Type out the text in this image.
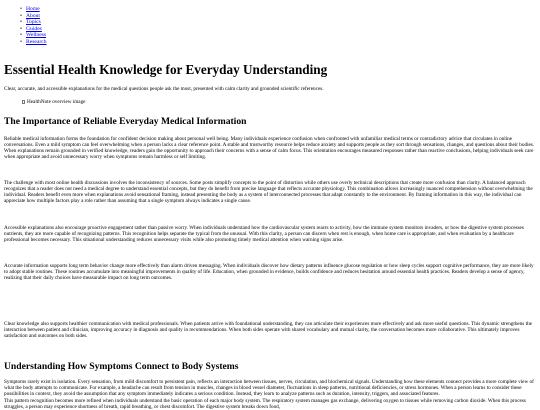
• Home
• About
• Topics
• Guides
• Wellness
• Research
Essential Health Knowledge for Everyday Understanding

Clear, accurate, and accessible explanations for the medical questions people ask the most, presented with calm clarity and grounded scientific references.

HealthNote overview image
The Importance of Reliable Everyday Medical Information

Reliable medical information forms the foundation for confident decision making about personal well being. Many individuals experience confusion when confronted with unfamiliar medical terms or contradictory advice that circulates in online conversations. Even a mild symptom can feel overwhelming when a person lacks a clear reference point. A stable and trustworthy resource helps reduce anxiety and supports people as they sort through sensations, changes, and questions about their bodies. When explanations remain grounded in verified knowledge, readers gain the opportunity to approach their concerns with a sense of calm focus. This orientation encourages measured responses rather than reactive conclusions, helping individuals seek care when appropriate and avoid unnecessary worry when symptoms remain harmless or self limiting.

The challenge with most online health discussions involves the inconsistency of sources. Some posts simplify concepts to the point of distortion while others use overly technical descriptions that create more confusion than clarity. A balanced approach recognizes that a reader does not need a medical degree to understand essential concepts, but they do benefit from precise language that reflects accurate physiology. This combination allows increasingly nuanced comprehension without overwhelming the individual. Readers benefit even more when explanations avoid sensational framing, instead presenting the body as a system of interconnected processes that adapt constantly to the environment. By framing information in this way, the individual can appreciate how multiple factors play a role rather than assuming that a single symptom always indicates a single cause.

Accessible explanations also encourage proactive engagement rather than passive worry. When individuals understand how the cardiovascular system reacts to activity, how the immune system monitors invaders, or how the digestive system processes nutrients, they are more capable of recognizing patterns. This recognition helps separate the typical from the unusual. With this clarity, a person can discern when rest is enough, when home care is appropriate, and when evaluation by a healthcare professional becomes necessary. This situational understanding reduces unnecessary visits while also promoting timely medical attention when warning signs arise.

Accurate information supports long term behavior change more effectively than alarm driven messaging. When individuals discover how dietary patterns influence glucose regulation or how sleep cycles support cognitive performance, they are more likely to adopt stable routines. These routines accumulate into meaningful improvements in quality of life. Education, when grounded in evidence, builds confidence and reduces hesitation around essential health practices. Readers develop a sense of agency, realizing that their daily choices have measurable impact on long term outcomes.

Clear knowledge also supports healthier communication with medical professionals. When patients arrive with foundational understanding, they can articulate their experiences more effectively and ask more useful questions. This dynamic strengthens the interaction between patient and clinician, improving accuracy in diagnosis and quality in recommendations. When both sides operate with shared vocabulary and mutual clarity, the conversation becomes more collaborative. This ultimately improves satisfaction and outcomes on both sides.

Understanding How Symptoms Connect to Body Systems

Symptoms rarely exist in isolation. Every sensation, from mild discomfort to persistent pain, reflects an interaction between tissues, nerves, circulation, and biochemical signals. Understanding how these elements connect provides a more complete view of what the body attempts to communicate. For example, a headache can result from tension in muscles, changes in blood vessel diameter, fluctuations in sleep patterns, nutritional deficiencies, or stress hormones. When a person learns to consider these possibilities in context, they avoid the assumption that any symptom immediately indicates a serious condition. Instead, they learn to analyze patterns such as duration, intensity, triggers, and associated features.

This pattern recognition becomes more refined when individuals understand the basic operation of each major body system. The respiratory system manages gas exchange, delivering oxygen to tissues while removing carbon dioxide. When this process struggles, a person may experience shortness of breath, rapid breathing, or chest discomfort. The digestive system breaks down food,
